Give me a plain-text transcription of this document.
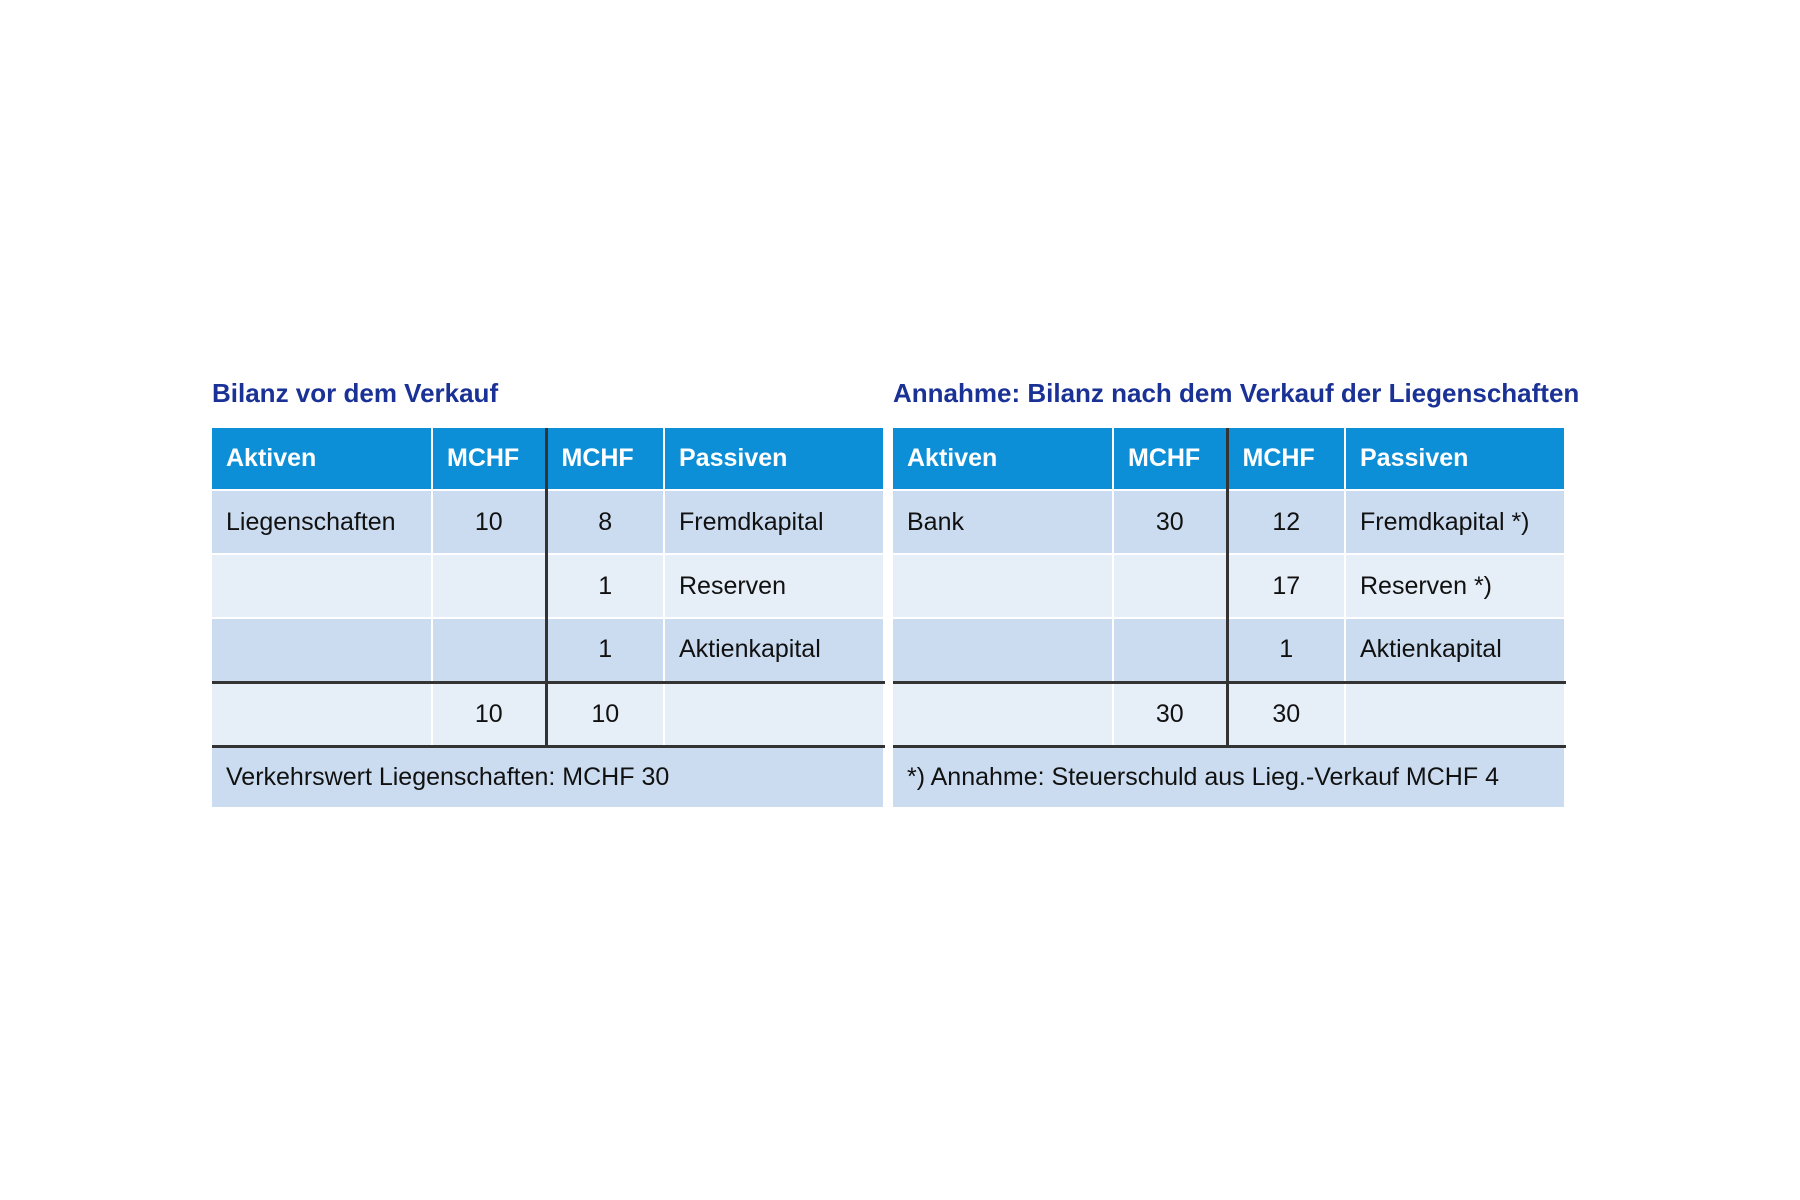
Bilanz vor dem Verkauf
Aktiven	MCHF	MCHF	Passiven
Liegenschaften	10	8	Fremdkapital
		1	Reserven
		1	Aktienkapital
	10	10	
Verkehrswert Liegenschaften: MCHF 30			
Annahme: Bilanz nach dem Verkauf der Liegenschaften
Aktiven	MCHF	MCHF	Passiven
Bank	30	12	Fremdkapital *)
		17	Reserven *)
		1	Aktienkapital
	30	30	
*) Annahme: Steuerschuld aus Lieg.-Verkauf MCHF 4			
